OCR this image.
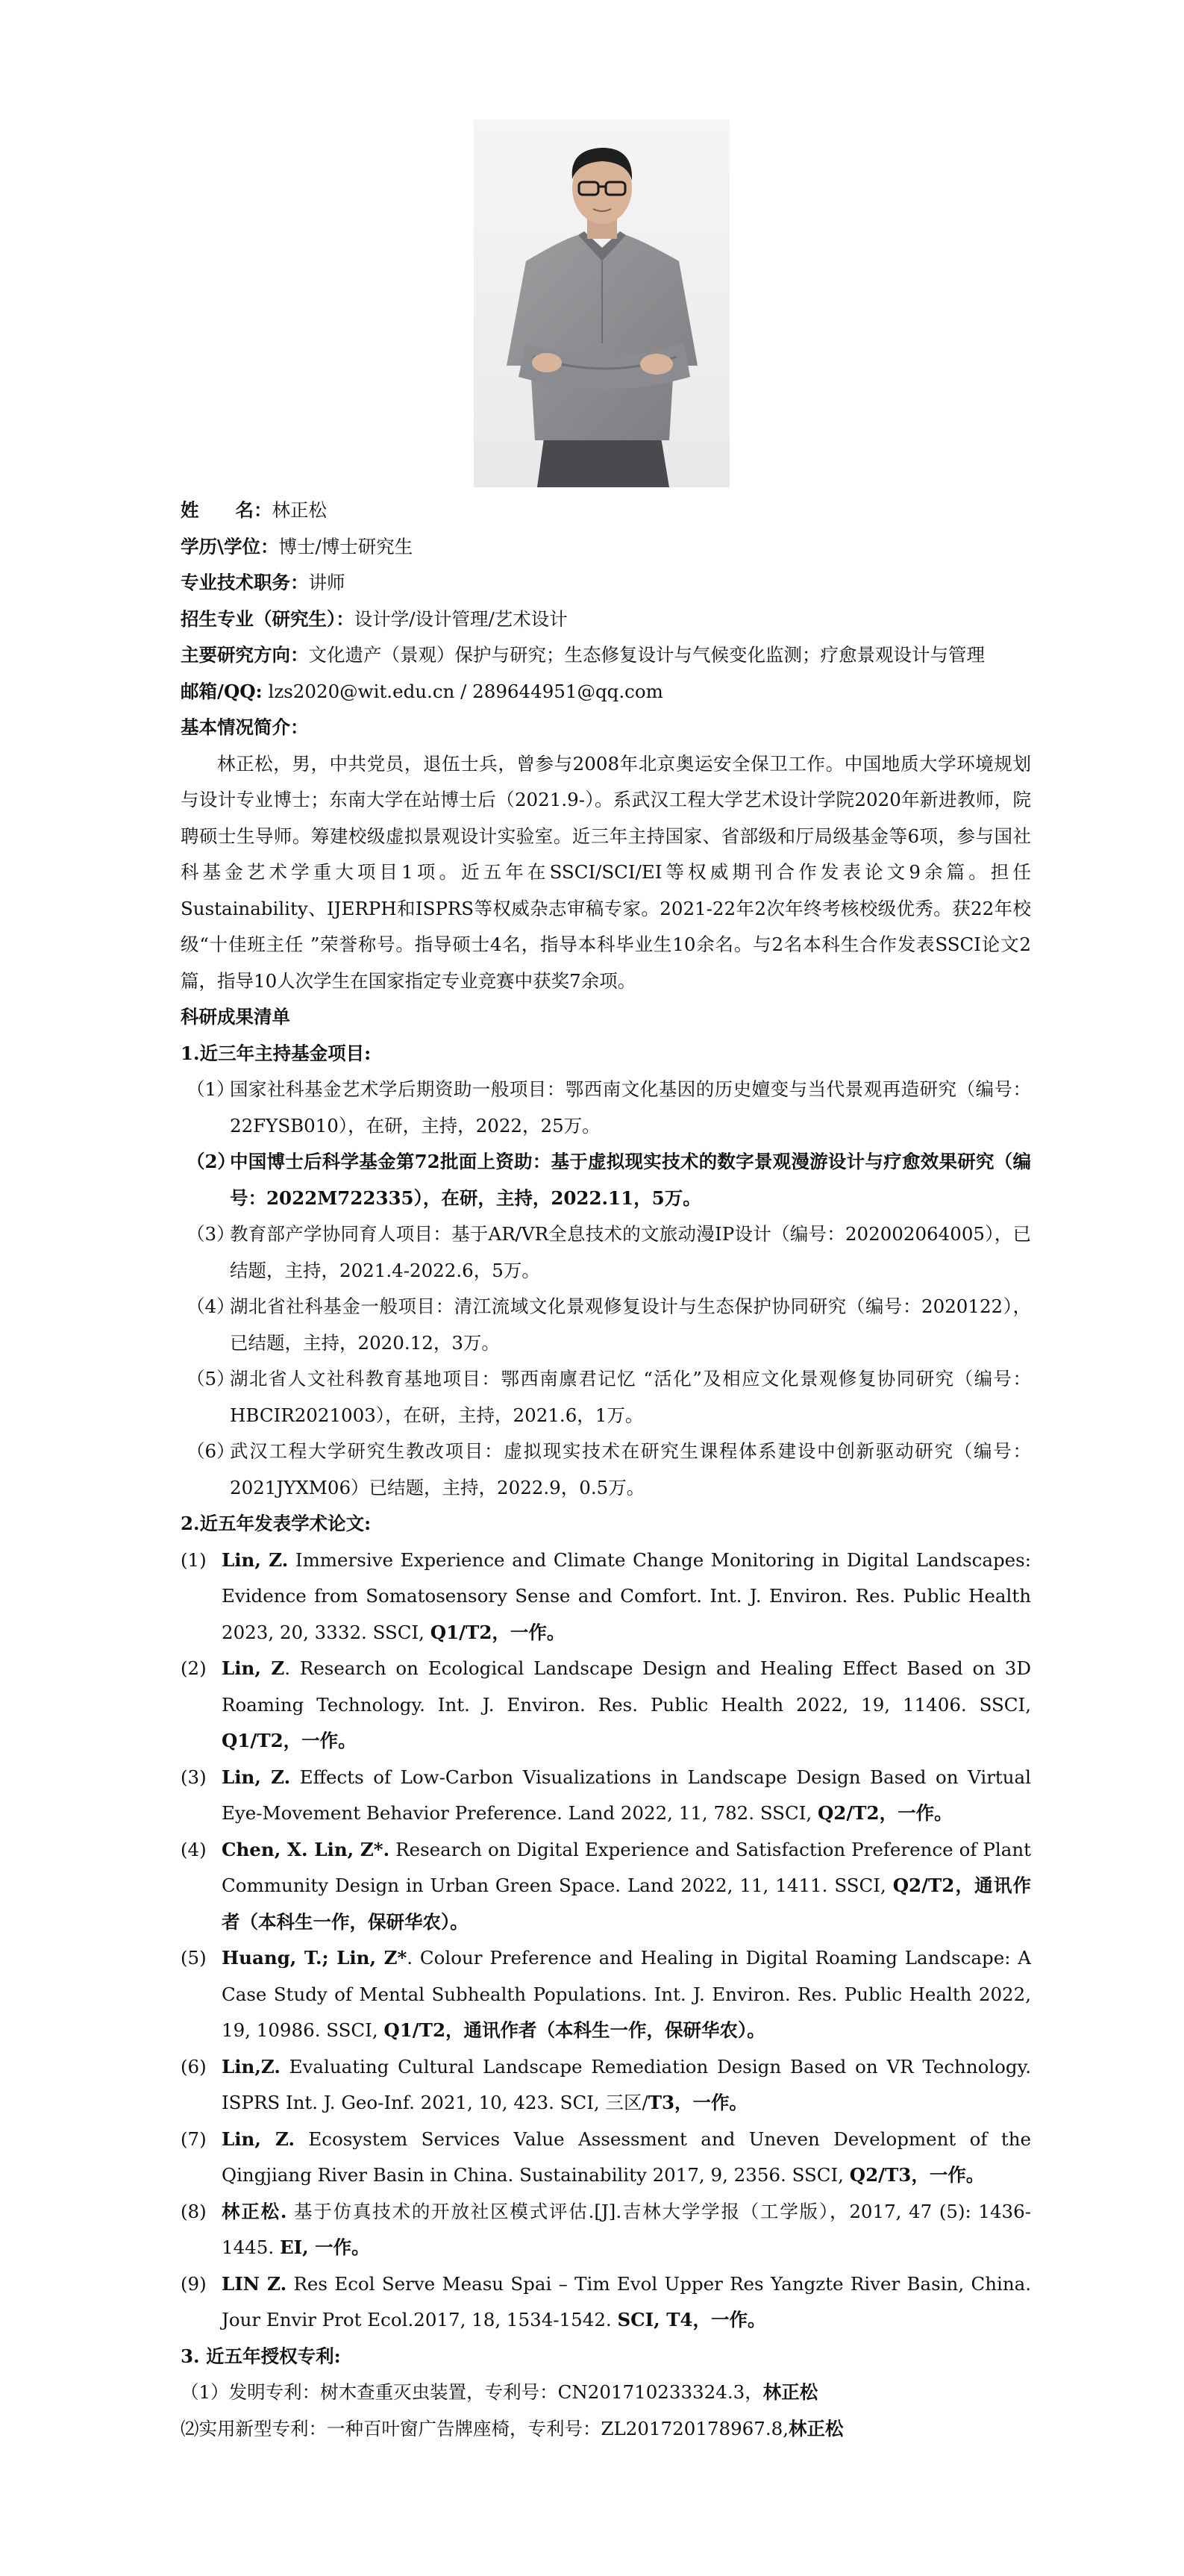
姓　　名：林正松
学历\学位：博士/博士研究生
专业技术职务：讲师
招生专业（研究生）：设计学/设计管理/艺术设计
主要研究方向：文化遗产（景观）保护与研究；生态修复设计与气候变化监测；疗愈景观设计与管理
邮箱/QQ: lzs2020@wit.edu.cn / 289644951@qq.com
基本情况简介：
林正松，男，中共党员，退伍士兵，曾参与2008年北京奥运安全保卫工作。中国地质大学环境规划与设计专业博士；东南大学在站博士后（2021.9-）。系武汉工程大学艺术设计学院2020年新进教师，院聘硕士生导师。筹建校级虚拟景观设计实验室。近三年主持国家、省部级和厅局级基金等6项，参与国社科基金艺术学重大项目1项。近五年在SSCI/SCI/EI等权威期刊合作发表论文9余篇。担任Sustainability、IJERPH和ISPRS等权威杂志审稿专家。2021-22年2次年终考核校级优秀。获22年校级“十佳班主任 ”荣誉称号。指导硕士4名，指导本科毕业生10余名。与2名本科生合作发表SSCI论文2篇，指导10人次学生在国家指定专业竞赛中获奖7余项。
科研成果清单
1.近三年主持基金项目:
（1）
国家社科基金艺术学后期资助一般项目：鄂西南文化基因的历史嬗变与当代景观再造研究（编号：22FYSB010），在研，主持，2022，25万。
（2）
中国博士后科学基金第72批面上资助：基于虚拟现实技术的数字景观漫游设计与疗愈效果研究（编号：2022M722335），在研，主持，2022.11，5万。
（3）
教育部产学协同育人项目：基于AR/VR全息技术的文旅动漫IP设计（编号：202002064005），已结题，主持，2021.4-2022.6，5万。
（4）
湖北省社科基金一般项目：清江流域文化景观修复设计与生态保护协同研究（编号：2020122），已结题，主持，2020.12，3万。
（5）
湖北省人文社科教育基地项目：鄂西南廪君记忆 “活化”及相应文化景观修复协同研究（编号：HBCIR2021003），在研，主持，2021.6，1万。
（6）
武汉工程大学研究生教改项目：虚拟现实技术在研究生课程体系建设中创新驱动研究（编号：2021JYXM06）已结题，主持，2022.9，0.5万。
2.近五年发表学术论文:
(1) Lin, Z. Immersive Experience and Climate Change Monitoring in Digital Landscapes: Evidence from Somatosensory Sense and Comfort. Int. J. Environ. Res. Public Health 2023, 20, 3332. SSCI, Q1/T2，一作。
(2) Lin, Z. Research on Ecological Landscape Design and Healing Effect Based on 3D Roaming Technology. Int. J. Environ. Res. Public Health 2022, 19, 11406. SSCI, Q1/T2，一作。
(3) Lin, Z. Effects of Low-Carbon Visualizations in Landscape Design Based on Virtual Eye-Movement Behavior Preference. Land 2022, 11, 782. SSCI, Q2/T2，一作。
(4) Chen, X. Lin, Z*. Research on Digital Experience and Satisfaction Preference of Plant Community Design in Urban Green Space. Land 2022, 11, 1411. SSCI, Q2/T2，通讯作者（本科生一作，保研华农）。
(5) Huang, T.; Lin, Z*. Colour Preference and Healing in Digital Roaming Landscape: A Case Study of Mental Subhealth Populations. Int. J. Environ. Res. Public Health 2022, 19, 10986. SSCI, Q1/T2，通讯作者（本科生一作，保研华农）。
(6) Lin,Z. Evaluating Cultural Landscape Remediation Design Based on VR Technology. ISPRS Int. J. Geo-Inf. 2021, 10, 423. SCI, 三区/T3，一作。
(7) Lin, Z. Ecosystem Services Value Assessment and Uneven Development of the Qingjiang River Basin in China. Sustainability 2017, 9, 2356. SSCI, Q2/T3，一作。
(8) 林正松. 基于仿真技术的开放社区模式评估.[J].吉林大学学报（工学版），2017, 47 (5): 1436-1445. EI, 一作。
(9) LIN Z. Res Ecol Serve Measu Spai – Tim Evol Upper Res Yangzte River Basin, China. Jour Envir Prot Ecol.2017, 18, 1534-1542. SCI, T4，一作。
3. 近五年授权专利:
（1）发明专利：树木查重灭虫装置，专利号：CN201710233324.3，林正松
⑵实用新型专利：一种百叶窗广告牌座椅，专利号：ZL201720178967.8,林正松
